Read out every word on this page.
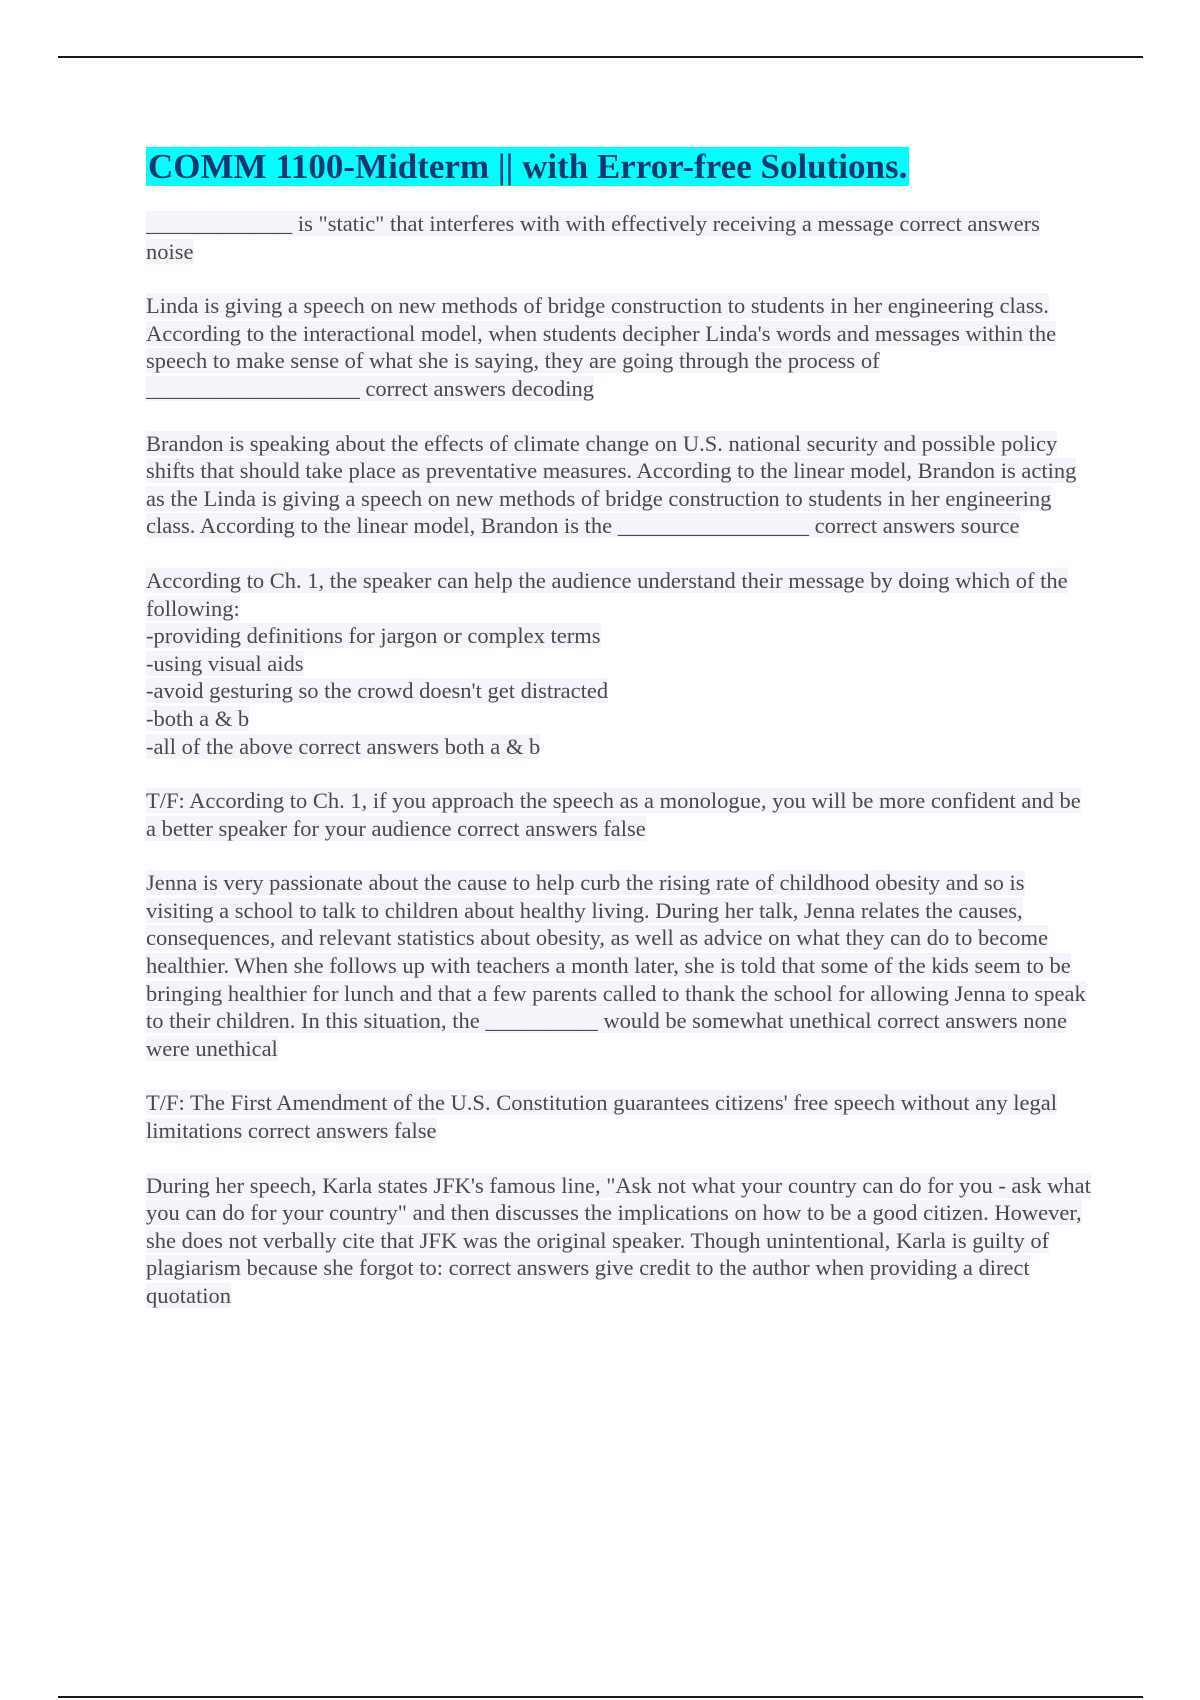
COMM 1100-Midterm || with Error-free Solutions.

_____________ is "static" that interferes with with effectively receiving a message correct answers noise

Linda is giving a speech on new methods of bridge construction to students in her engineering class. According to the interactional model, when students decipher Linda's words and messages within the speech to make sense of what she is saying, they are going through the process of ___________________ correct answers decoding

Brandon is speaking about the effects of climate change on U.S. national security and possible policy shifts that should take place as preventative measures. According to the linear model, Brandon is acting as the Linda is giving a speech on new methods of bridge construction to students in her engineering class. According to the linear model, Brandon is the _________________ correct answers source

According to Ch. 1, the speaker can help the audience understand their message by doing which of the following:
-providing definitions for jargon or complex terms
-using visual aids
-avoid gesturing so the crowd doesn't get distracted
-both a & b
-all of the above correct answers both a & b

T/F: According to Ch. 1, if you approach the speech as a monologue, you will be more confident and be a better speaker for your audience correct answers false

Jenna is very passionate about the cause to help curb the rising rate of childhood obesity and so is visiting a school to talk to children about healthy living. During her talk, Jenna relates the causes, consequences, and relevant statistics about obesity, as well as advice on what they can do to become healthier. When she follows up with teachers a month later, she is told that some of the kids seem to be bringing healthier for lunch and that a few parents called to thank the school for allowing Jenna to speak to their children. In this situation, the __________ would be somewhat unethical correct answers none were unethical

T/F: The First Amendment of the U.S. Constitution guarantees citizens' free speech without any legal limitations correct answers false

During her speech, Karla states JFK's famous line, "Ask not what your country can do for you - ask what you can do for your country" and then discusses the implications on how to be a good citizen. However, she does not verbally cite that JFK was the original speaker. Though unintentional, Karla is guilty of plagiarism because she forgot to: correct answers give credit to the author when providing a direct quotation
